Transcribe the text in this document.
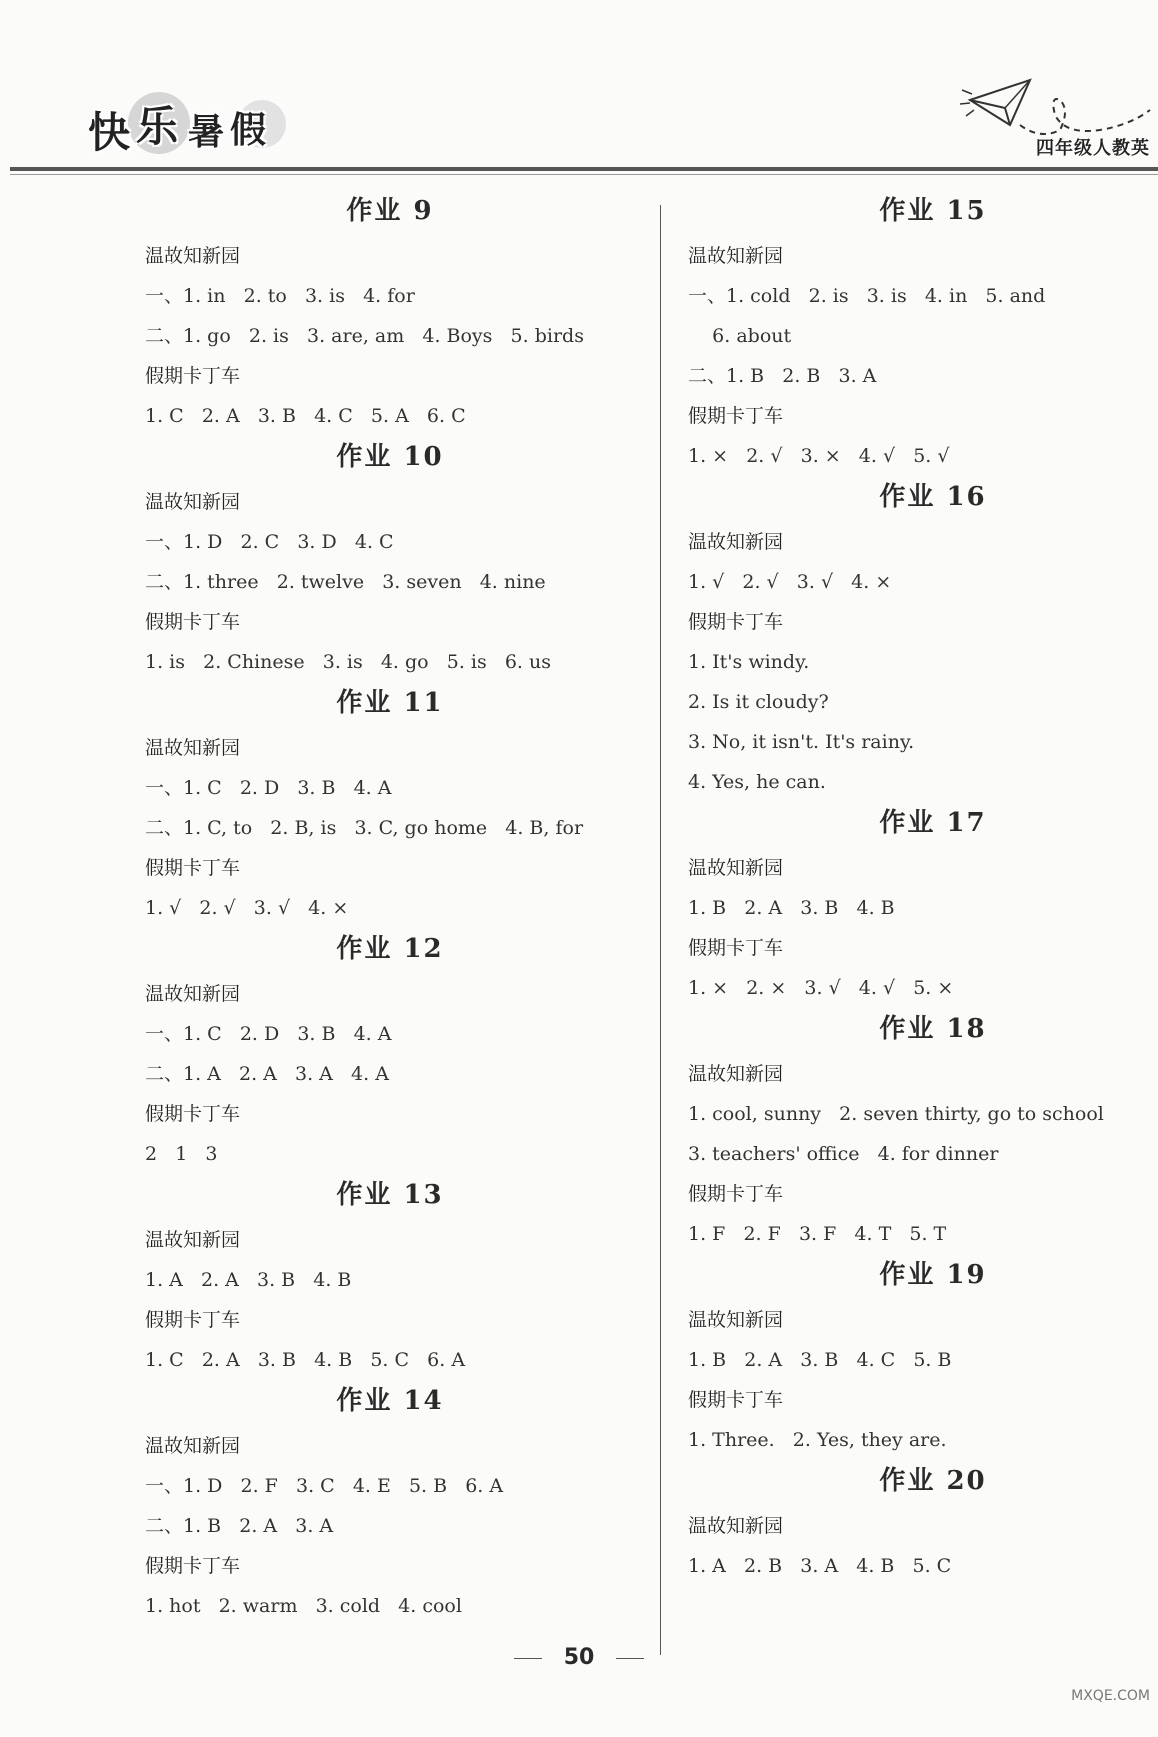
快 乐 暑 假	四年级人教英
作业 9
温故知新园
一、1. in   2. to   3. is   4. for
二、1. go   2. is   3. are, am   4. Boys   5. birds
假期卡丁车
1. C   2. A   3. B   4. C   5. A   6. C
作业 10
温故知新园
一、1. D   2. C   3. D   4. C
二、1. three   2. twelve   3. seven   4. nine
假期卡丁车
1. is   2. Chinese   3. is   4. go   5. is   6. us
作业 11
温故知新园
一、1. C   2. D   3. B   4. A
二、1. C, to   2. B, is   3. C, go home   4. B, for
假期卡丁车
1. √   2. √   3. √   4. ×
作业 12
温故知新园
一、1. C   2. D   3. B   4. A
二、1. A   2. A   3. A   4. A
假期卡丁车
2   1   3
作业 13
温故知新园
1. A   2. A   3. B   4. B
假期卡丁车
1. C   2. A   3. B   4. B   5. C   6. A
作业 14
温故知新园
一、1. D   2. F   3. C   4. E   5. B   6. A
二、1. B   2. A   3. A
假期卡丁车
1. hot   2. warm   3. cold   4. cool
作业 15
温故知新园
一、1. cold   2. is   3. is   4. in   5. and
6. about
二、1. B   2. B   3. A
假期卡丁车
1. ×   2. √   3. ×   4. √   5. √
作业 16
温故知新园
1. √   2. √   3. √   4. ×
假期卡丁车
1. It's windy.
2. Is it cloudy?
3. No, it isn't. It's rainy.
4. Yes, he can.
作业 17
温故知新园
1. B   2. A   3. B   4. B
假期卡丁车
1. ×   2. ×   3. √   4. √   5. ×
作业 18
温故知新园
1. cool, sunny   2. seven thirty, go to school
3. teachers' office   4. for dinner
假期卡丁车
1. F   2. F   3. F   4. T   5. T
作业 19
温故知新园
1. B   2. A   3. B   4. C   5. B
假期卡丁车
1. Three.   2. Yes, they are.
作业 20
温故知新园
1. A   2. B   3. A   4. B   5. C
50
MXQE.COM
